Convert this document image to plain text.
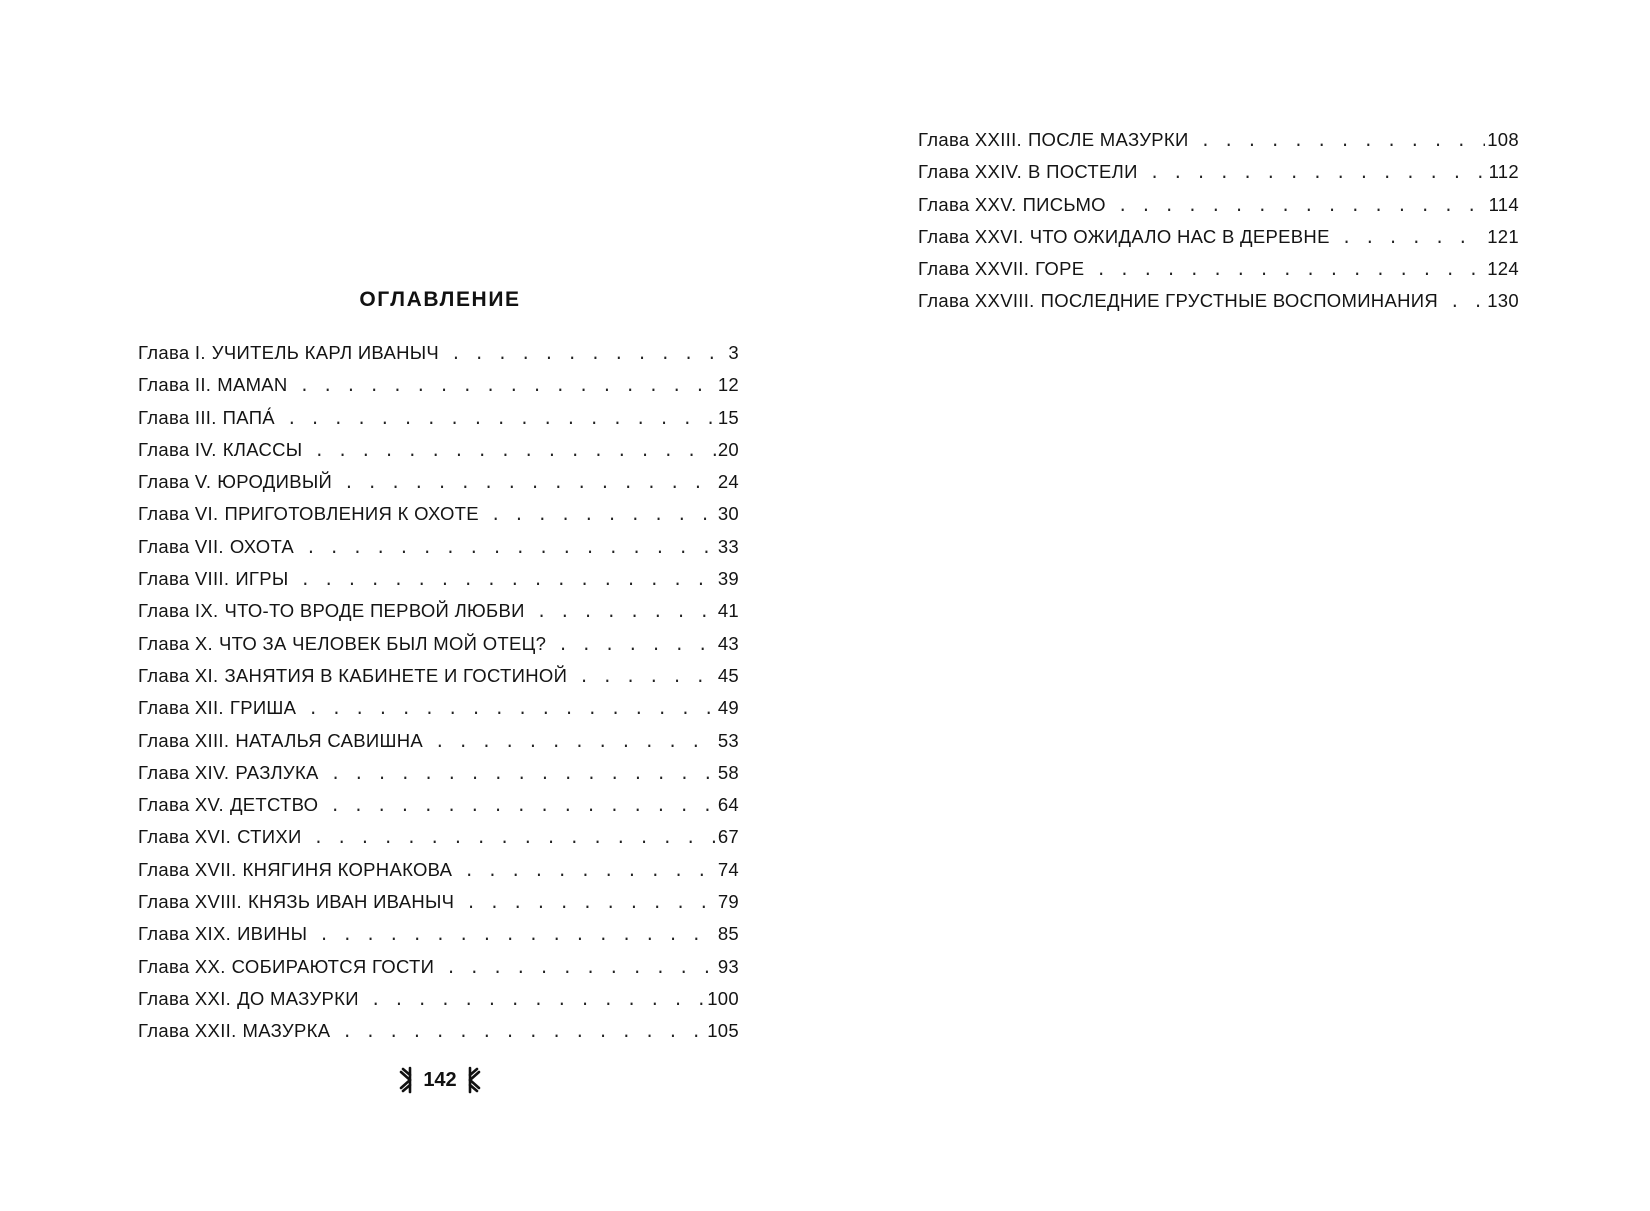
ОГЛАВЛЕНИЕ
Глава I. УЧИТЕЛЬ КАРЛ ИВАНЫЧ . . .	3
Глава II. MAMAN . . .	12
Глава III. ПАПА́ . . .	15
Глава IV. КЛАССЫ . . .	20
Глава V. ЮРОДИВЫЙ . . .	24
Глава VI. ПРИГОТОВЛЕНИЯ К ОХОТЕ . . .	30
Глава VII. ОХОТА . . .	33
Глава VIII. ИГРЫ . . .	39
Глава IX. ЧТО-ТО ВРОДЕ ПЕРВОЙ ЛЮБВИ . . .	41
Глава X. ЧТО ЗА ЧЕЛОВЕК БЫЛ МОЙ ОТЕЦ? . . .	43
Глава XI. ЗАНЯТИЯ В КАБИНЕТЕ И ГОСТИНОЙ . . .	45
Глава XII. ГРИША . . .	49
Глава XIII. НАТАЛЬЯ САВИШНА . . .	53
Глава XIV. РАЗЛУКА . . .	58
Глава XV. ДЕТСТВО . . .	64
Глава XVI. СТИХИ . . .	67
Глава XVII. КНЯГИНЯ КОРНАКОВА . . .	74
Глава XVIII. КНЯЗЬ ИВАН ИВАНЫЧ . . .	79
Глава XIX. ИВИНЫ . . .	85
Глава XX. СОБИРАЮТСЯ ГОСТИ . . .	93
Глава XXI. ДО МАЗУРКИ . . .	100
Глава XXII. МАЗУРКА . . .	105
142
Глава XXIII. ПОСЛЕ МАЗУРКИ . . .	108
Глава XXIV. В ПОСТЕЛИ . . .	112
Глава XXV. ПИСЬМО . . .	114
Глава XXVI. ЧТО ОЖИДАЛО НАС В ДЕРЕВНЕ . . .	121
Глава XXVII. ГОРЕ . . .	124
Глава XXVIII. ПОСЛЕДНИЕ ГРУСТНЫЕ ВОСПОМИНАНИЯ . . .	130
